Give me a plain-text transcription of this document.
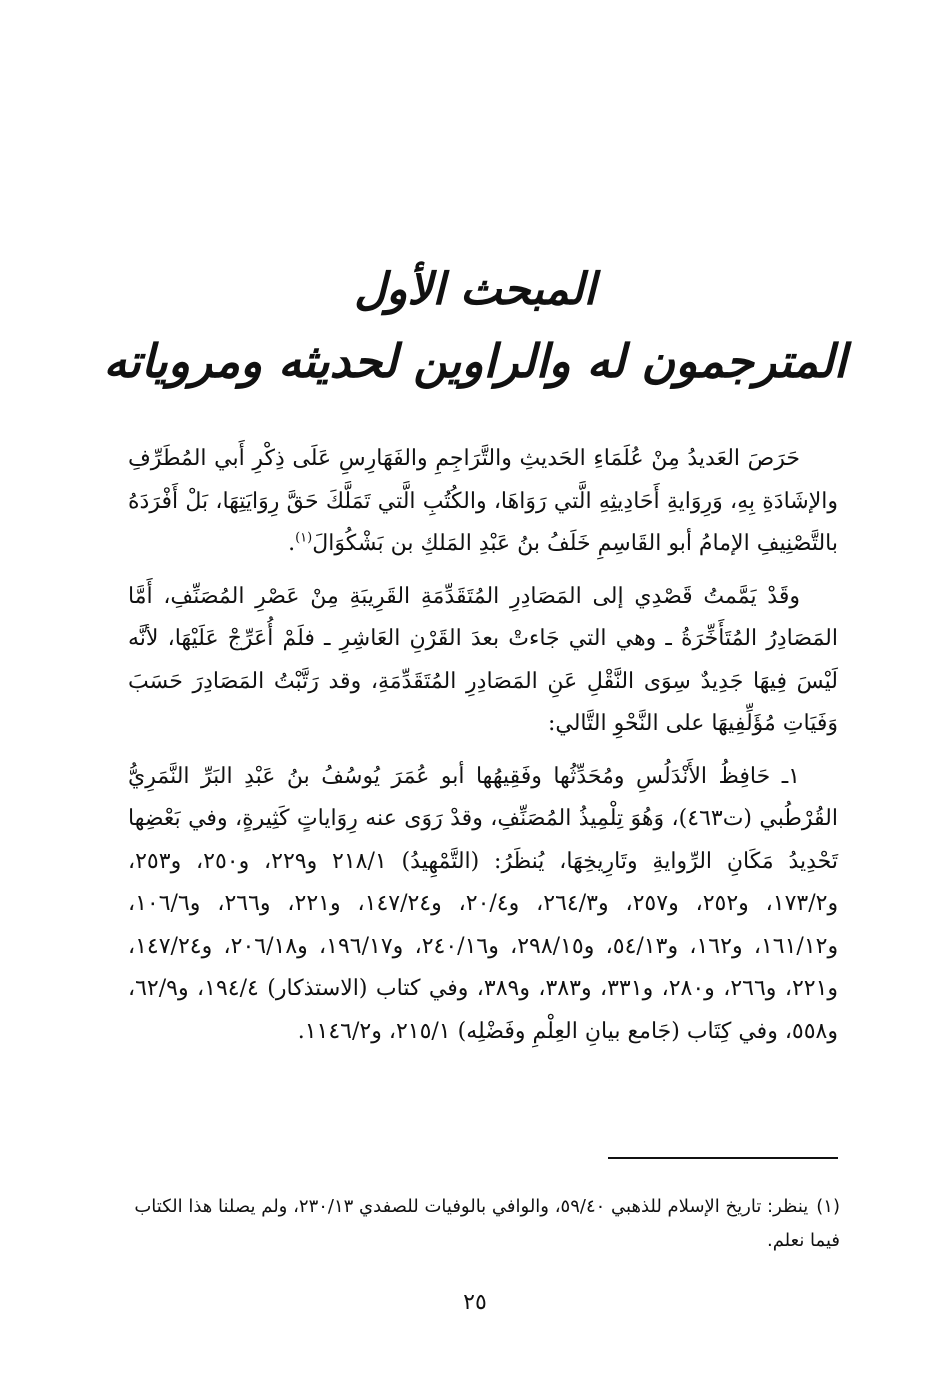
المبحث الأول

المترجمون له والراوين لحديثه ومروياته

حَرَصَ العَديدُ مِنْ عُلَمَاءِ الحَديثِ والتَّرَاجِمِ والفَهَارِسِ عَلَى ذِكْرِ أَبي المُطَرِّفِ والإشَادَةِ بِهِ، وَرِوَايةِ أَحَادِيثِهِ الَّتي رَوَاهَا، والكُتُبِ الَّتي تَمَلَّكَ حَقَّ رِوَايَتِهَا، بَلْ أَفْرَدَهُ بالتَّصْنِيفِ الإمامُ أبو القَاسِمِ خَلَفُ بنُ عَبْدِ المَلكِ بن بَشْكُوَالَ$^{(١)}$.

وقَدْ يَمَّمتُ قَصْدِي إلى المَصَادِرِ المُتَقَدِّمَةِ القَرِيبَةِ مِنْ عَصْرِ المُصَنِّفِ، أَمَّا المَصَادِرُ المُتَأَخِّرَةُ ـ وهي التي جَاءتْ بعدَ القَرْنِ العَاشِرِ ـ فلَمْ أُعَرِّجْ عَلَيْهَا، لأنَّه لَيْسَ فِيهَا جَدِيدٌ سِوَى النَّقْلِ عَنِ المَصَادِرِ المُتَقَدِّمَةِ، وقد رَتَّبْتُ المَصَادِرَ حَسَبَ وَفَيَاتِ مُؤَلِّفِيهَا على النَّحْوِ التَّالي:

١ـ حَافِظُ الأَنْدَلُسِ ومُحَدِّثُها وفَقِيهُها أبو عُمَرَ يُوسُفُ بنُ عَبْدِ البَرِّ النَّمَرِيُّ القُرْطُبي (ت٤٦٣)، وَهُوَ تِلْمِيذُ المُصَنِّفِ، وقدْ رَوَى عنه رِوَاياتٍ كَثِيرةٍ، وفي بَعْضِها تَحْدِيدُ مَكَانِ الرِّوايةِ وتَارِيخِهَا، يُنظَرُ: (التَّمْهِيدُ) ٢١٨/١ و٢٢٩، و٢٥٠، و٢٥٣، و١٧٣/٢، و٢٥٢، و٢٥٧، و٢٦٤/٣، و٢٠/٤، و١٤٧/٢٤، و٢٢١، و٢٦٦، و١٠٦/٦، و١٦١/١٢، و١٦٢، و٥٤/١٣، و٢٩٨/١٥، و٢٤٠/١٦، و١٩٦/١٧، و٢٠٦/١٨، و١٤٧/٢٤، و٢٢١، و٢٦٦، و٢٨٠، و٣٣١، و٣٨٣، و٣٨٩، وفي كتاب (الاستذكار) ١٩٤/٤، و٦٢/٩، و٥٥٨، وفي كِتَاب (جَامع بيانِ العِلْمِ وفَضْلِه) ٢١٥/١، و١١٤٦/٢.

(١)ينظر: تاريخ الإسلام للذهبي ٥٩/٤٠، والوافي بالوفيات للصفدي ٢٣٠/١٣، ولم يصلنا هذا الكتاب فيما نعلم.
٢٥
